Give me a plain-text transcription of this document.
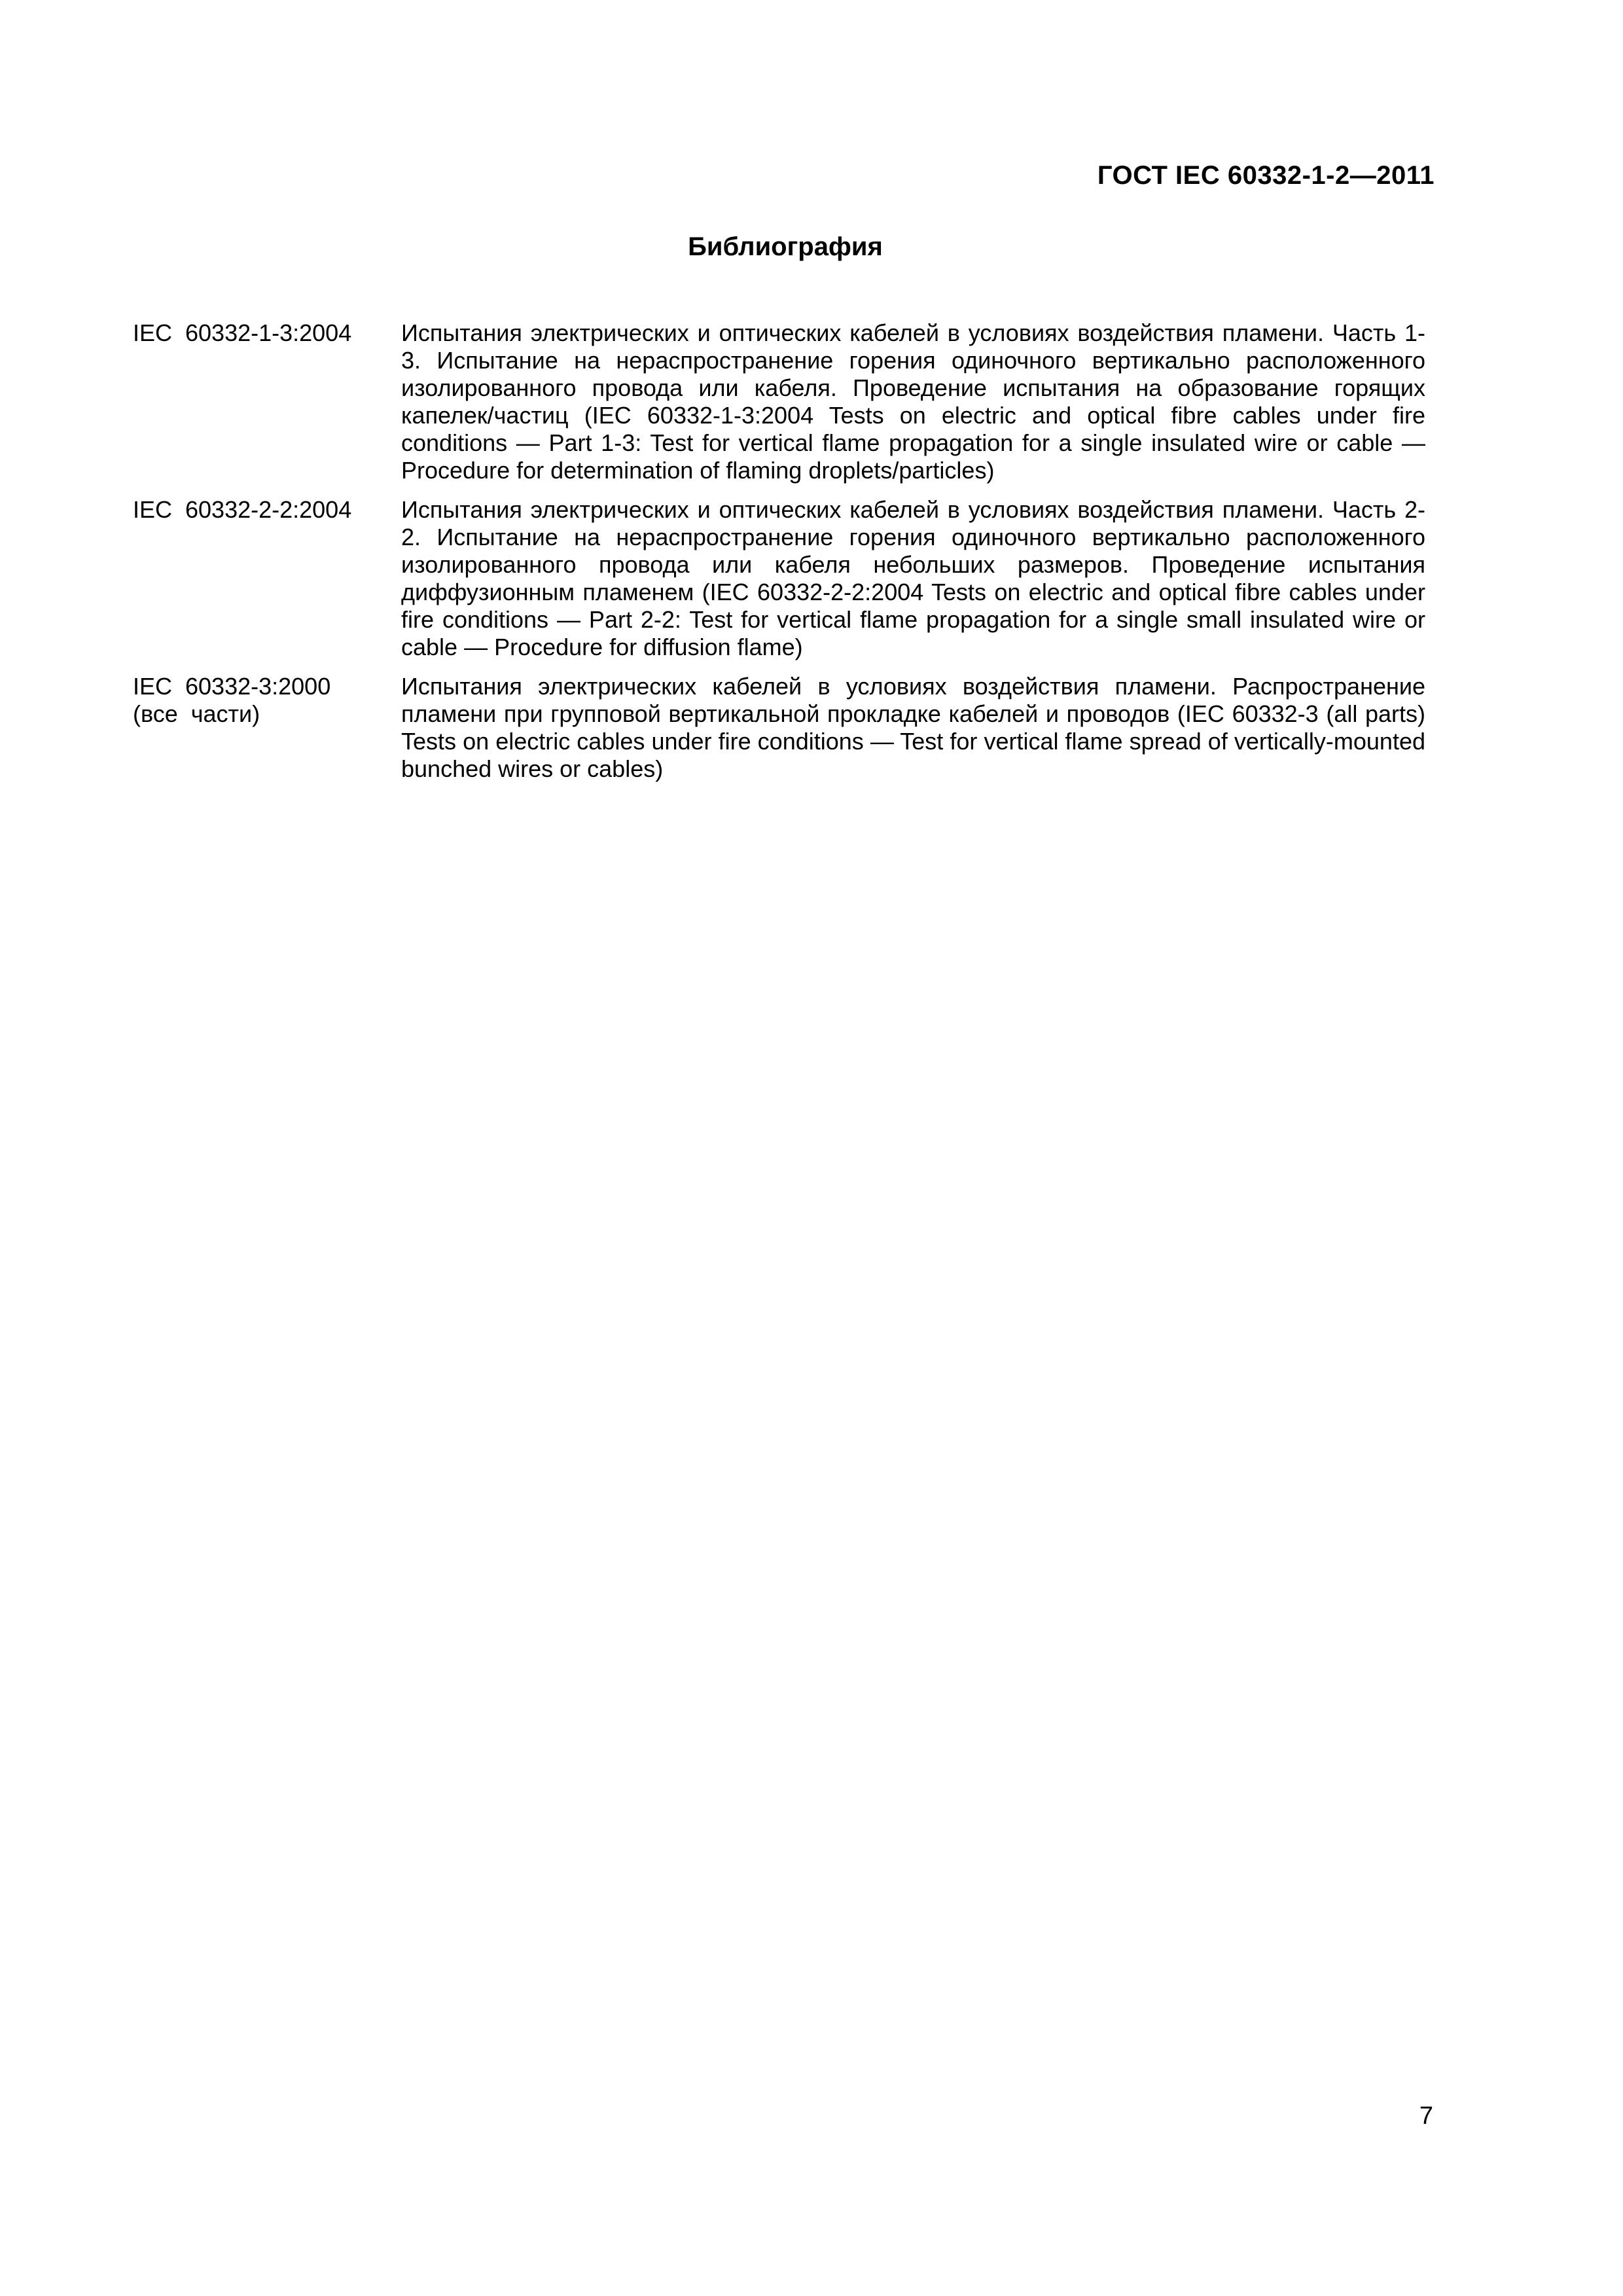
ГОСТ IEC 60332-1-2—2011
Библиография
IEC 60332-1-3:2004	Испытания электрических и оптических кабелей в условиях воздействия пламени. Часть 1-3. Испытание на нераспространение горения одиночного вертикально расположенного изолированного провода или кабеля. Проведение испытания на образование горящих капелек/частиц (IEC 60332-1-3:2004 Tests on electric and optical fibre cables under fire conditions — Part 1-3: Test for vertical flame propagation for a single insulated wire or cable — Procedure for determination of flaming droplets/particles)
IEC 60332-2-2:2004	Испытания электрических и оптических кабелей в условиях воздействия пламени. Часть 2-2. Испытание на нераспространение горения одиночного вертикально расположенного изолированного провода или кабеля небольших размеров. Проведение испытания диффузионным пламенем (IEC 60332-2-2:2004 Tests on electric and optical fibre cables under fire conditions — Part 2-2: Test for vertical flame propagation for a single small insulated wire or cable — Procedure for diffusion flame)
IEC 60332-3:2000
(все части)
Испытания электрических кабелей в условиях воздействия пламени. Распространение пламени при групповой вертикальной прокладке кабелей и проводов (IEC 60332-3 (all parts) Tests on electric cables under fire conditions — Test for vertical flame spread of vertically-mounted bunched wires or cables)
7
